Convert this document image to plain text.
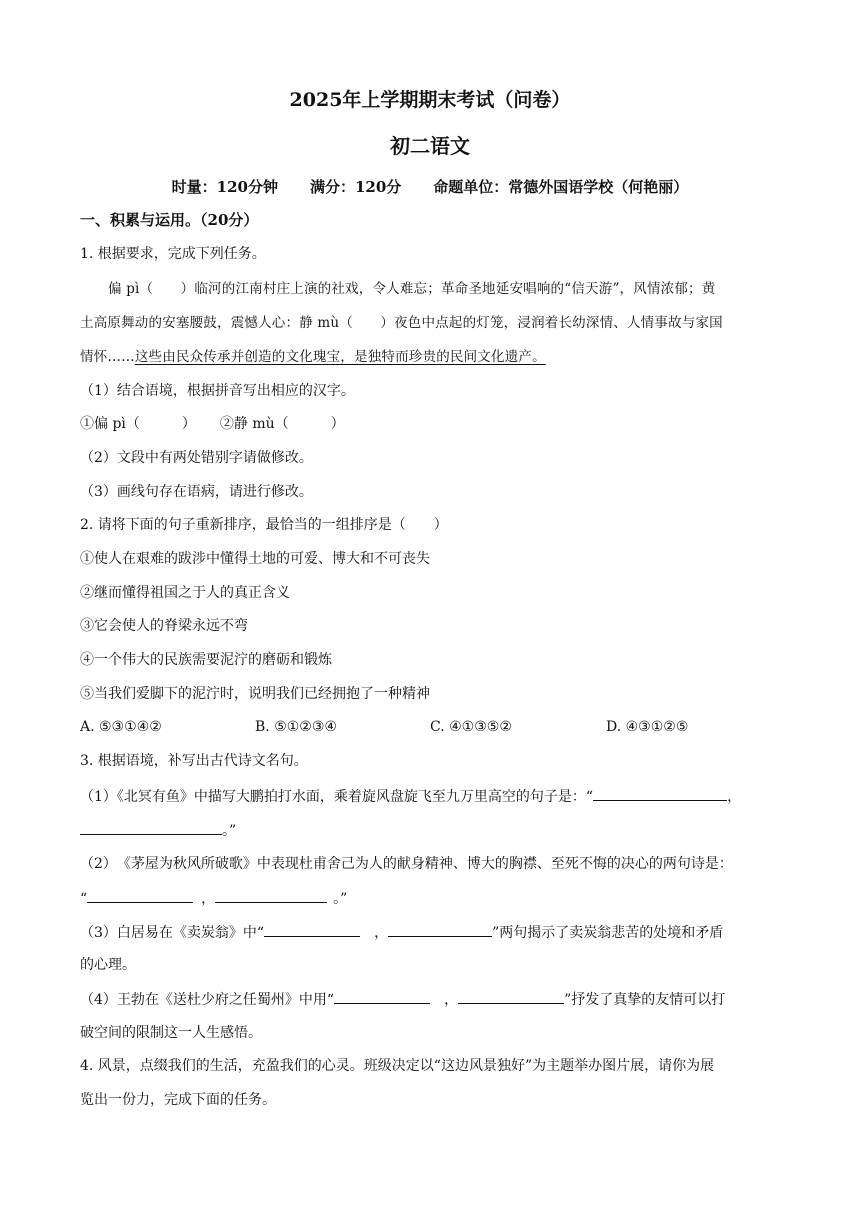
2025年上学期期末考试（问卷）
初二语文
时量：120分钟 满分：120分 命题单位：常德外国语学校（何艳丽）
一、积累与运用。（20分）
1. 根据要求，完成下列任务。
偏 pì（　　）临河的江南村庄上演的社戏，令人难忘；革命圣地延安唱响的“信天游”，风情浓郁；黄
土高原舞动的安塞腰鼓，震憾人心：静 mù（　　）夜色中点起的灯笼，浸润着长幼深情、人情事故与家国
情怀……这些由民众传承并创造的文化瑰宝，是独特而珍贵的民间文化遗产。
（1）结合语境，根据拼音写出相应的汉字。
①偏 pì（　　　） ②静 mù（　　　）
（2）文段中有两处错别字请做修改。
（3）画线句存在语病，请进行修改。
2. 请将下面的句子重新排序，最恰当的一组排序是（　　）
①使人在艰难的跋涉中懂得土地的可爱、博大和不可丧失
②继而懂得祖国之于人的真正含义
③它会使人的脊梁永远不弯
④一个伟大的民族需要泥泞的磨砺和锻炼
⑤当我们爱脚下的泥泞时，说明我们已经拥抱了一种精神
A. ⑤③①④②	B. ⑤①②③④	C. ④①③⑤②	D. ④③①②⑤
3. 根据语境，补写出古代诗文名句。
（1）《北冥有鱼》中描写大鹏拍打水面，乘着旋风盘旋飞至九万里高空的句子是：“	，
。”
（2）　《茅屋为秋风所破歌》中表现杜甫舍己为人的献身精神、博大的胸襟、至死不悔的决心的两句诗是：
“	，	。”
（3）白居易在《卖炭翁》中“	，	”两句揭示了卖炭翁悲苦的处境和矛盾
的心理。
（4）王勃在《送杜少府之任蜀州》中用“	，	”抒发了真挚的友情可以打
破空间的限制这一人生感悟。
4. 风景，点缀我们的生活，充盈我们的心灵。班级决定以“这边风景独好”为主题举办图片展，请你为展
览出一份力，完成下面的任务。
